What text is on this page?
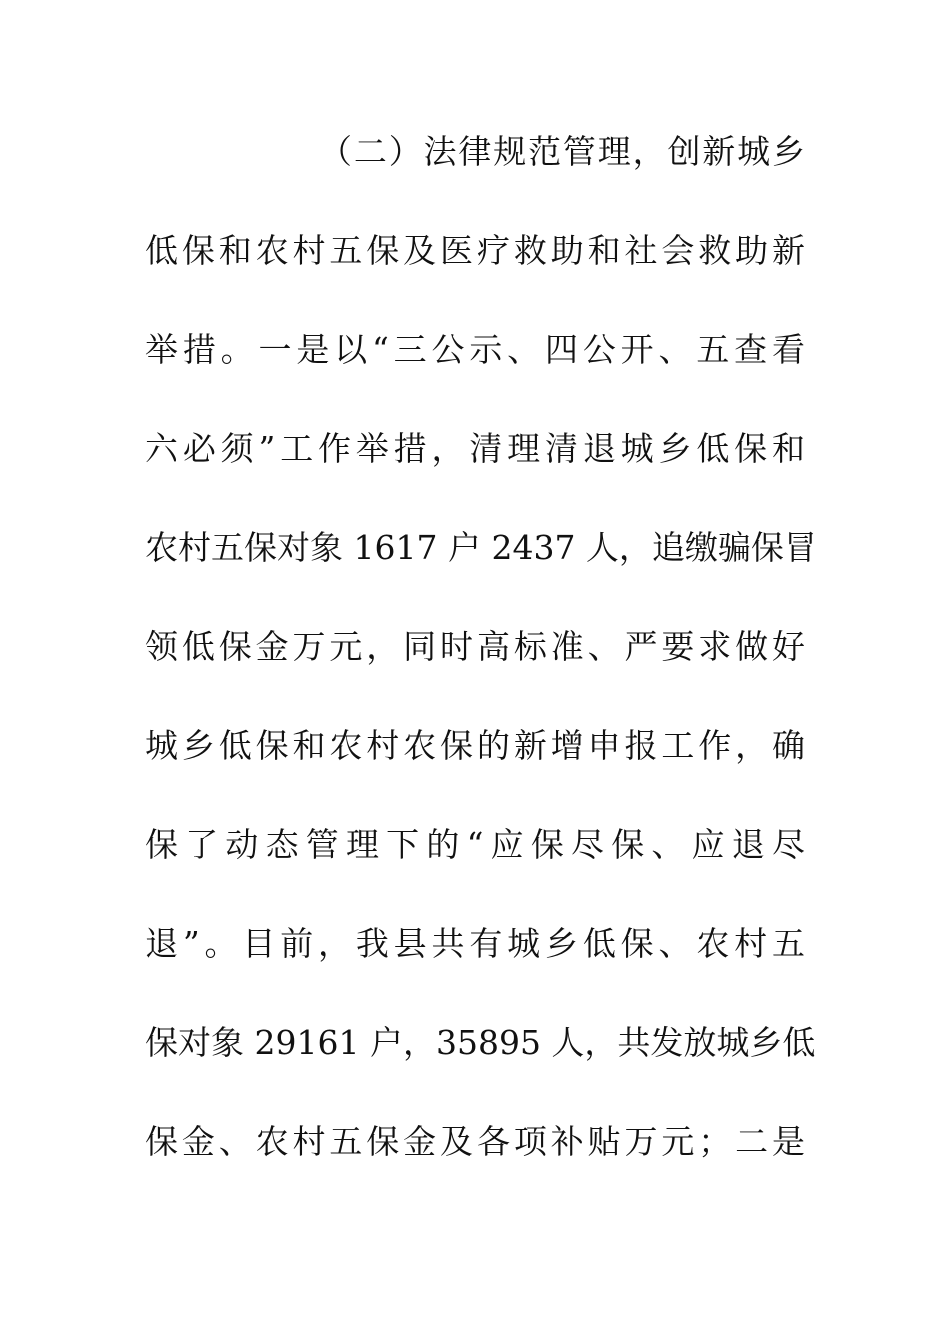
（二）法律规范管理，创新城乡
低保和农村五保及医疗救助和社会救助新
举措。一是以“三公示、四公开、五查看
六必须”工作举措，清理清退城乡低保和
农村五保对象 1617 户 2437 人，追缴骗保冒
领低保金万元，同时高标准、严要求做好
城乡低保和农村农保的新增申报工作，确
保了动态管理下的“应保尽保、应退尽
退”。目前，我县共有城乡低保、农村五
保对象 29161 户，35895 人，共发放城乡低
保金、农村五保金及各项补贴万元；二是
